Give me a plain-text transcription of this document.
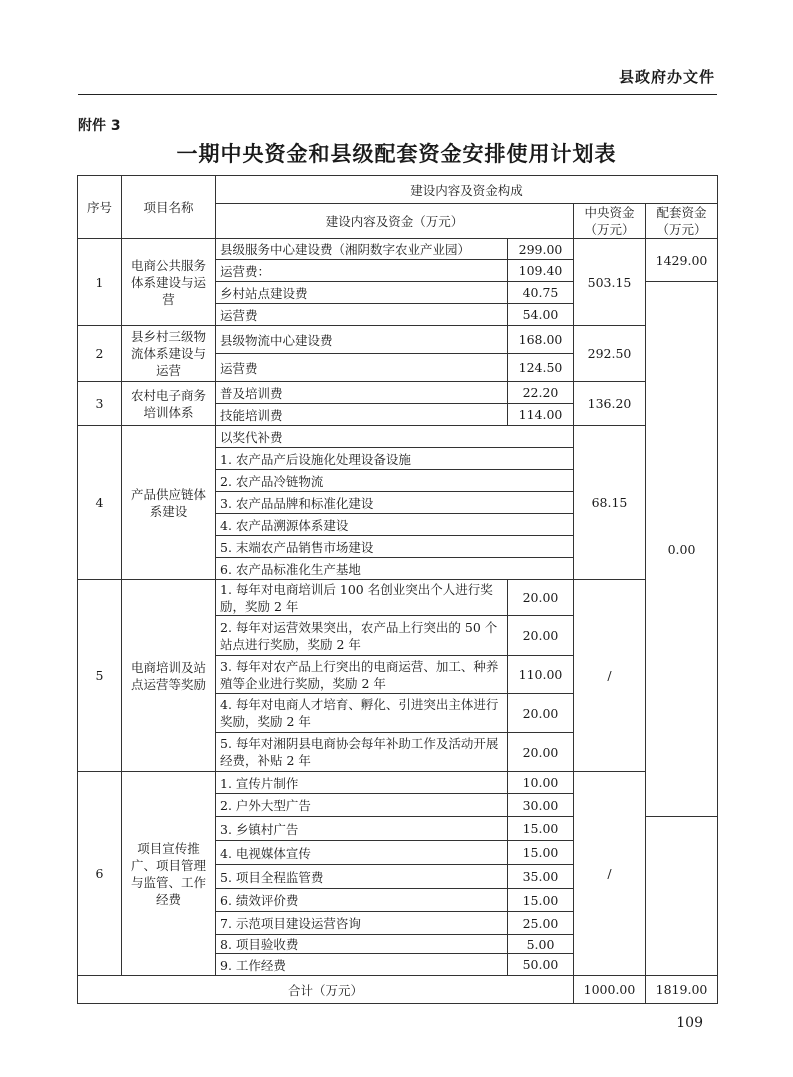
县政府办文件
附件 3
一期中央资金和县级配套资金安排使用计划表
序号	项目名称	建设内容及资金构成				
		建设内容及资金（万元）		中央资金（万元）	配套资金（万元）	
1	电商公共服务体系建设与运营	县级服务中心建设费（湘阴数字农业产业园）	299.00	503.15	1429.00	
		运营费：	109.40			
		乡村站点建设费	40.75		0.00	
		运营费	54.00			
2	县乡村三级物流体系建设与运营	县级物流中心建设费	168.00	292.50		
		运营费	124.50			
3	农村电子商务培训体系	普及培训费	22.20	136.20		
		技能培训费	114.00			
4	产品供应链体系建设	以奖代补费		68.15		
		1. 农产品产后设施化处理设备设施				
		2. 农产品冷链物流				
		3. 农产品品牌和标准化建设				
		4. 农产品溯源体系建设				
		5. 末端农产品销售市场建设				
		6. 农产品标准化生产基地				
5	电商培训及站点运营等奖励	1. 每年对电商培训后 100 名创业突出个人进行奖励，奖励 2 年	20.00	/	
		2. 每年对运营效果突出，农产品上行突出的 50 个站点进行奖励，奖励 2 年	20.00			
		3. 每年对农产品上行突出的电商运营、加工、种养殖等企业进行奖励，奖励 2 年	110.00			
		4. 每年对电商人才培育、孵化、引进突出主体进行奖励，奖励 2 年	20.00			
		5. 每年对湘阴县电商协会每年补助工作及活动开展经费，补贴 2 年	20.00			
6	项目宣传推广、项目管理与监管、工作经费	1. 宣传片制作	10.00	/	
		2. 户外大型广告	30.00			
		3. 乡镇村广告	15.00			
		4. 电视媒体宣传	15.00			
		5. 项目全程监管费	35.00			
		6. 绩效评价费	15.00			
		7. 示范项目建设运营咨询	25.00			
		8. 项目验收费	5.00			
		9. 工作经费	50.00			
合计（万元）				1000.00	1819.00	
109
